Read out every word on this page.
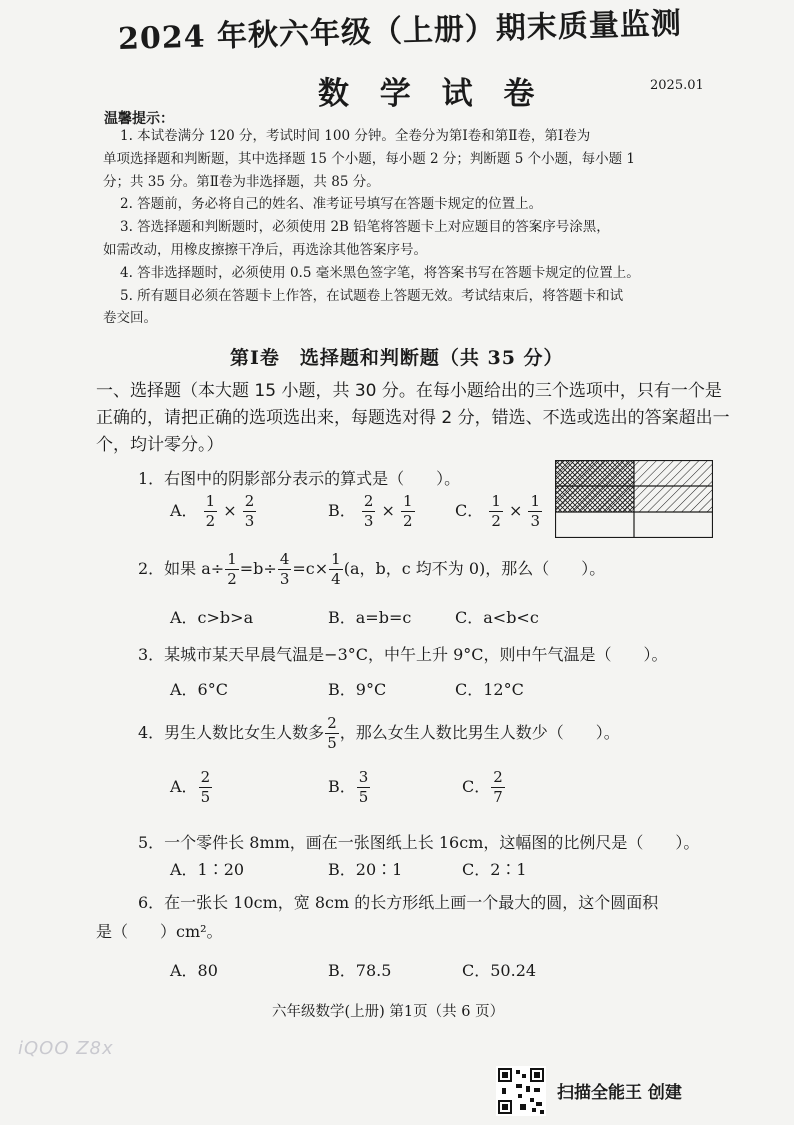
2024 年秋六年级（上册）期末质量监测
数 学 试 卷	2025.01
温馨提示：
1. 本试卷满分 120 分，考试时间 100 分钟。全卷分为第Ⅰ卷和第Ⅱ卷，第Ⅰ卷为
单项选择题和判断题，其中选择题 15 个小题，每小题 2 分；判断题 5 个小题，每小题 1
分；共 35 分。第Ⅱ卷为非选择题，共 85 分。
2. 答题前，务必将自己的姓名、准考证号填写在答题卡规定的位置上。
3. 答选择题和判断题时，必须使用 2B 铅笔将答题卡上对应题目的答案序号涂黑，
如需改动，用橡皮擦擦干净后，再选涂其他答案序号。
4. 答非选择题时，必须使用 0.5 毫米黑色签字笔，将答案书写在答题卡规定的位置上。
5. 所有题目必须在答题卡上作答，在试题卷上答题无效。考试结束后，将答题卡和试
卷交回。
第Ⅰ卷　选择题和判断题（共 35 分）
一、选择题（本大题 15 小题，共 30 分。在每小题给出的三个选项中，只有一个是正确的，请把正确的选项选出来，每题选对得 2 分，错选、不选或选出的答案超出一个，均计零分。）
1．右图中的阴影部分表示的算式是（　　）。
A． $\frac{1}{2} \times \frac{2}{3}$	B． $\frac{2}{3} \times \frac{1}{2}$	C． $\frac{1}{2} \times \frac{1}{3}$
2．如果 $a\div \frac{1}{2} =b\div \frac{4}{3} =c\times \frac{1}{4} (a$，b，c 均不为 0)，那么（　　）。
A．c>b>a	B．a=b=c	C．a<b<c
3．某城市某天早晨气温是−3°C，中午上升 9°C，则中午气温是（　　）。
A．6°C	B．9°C	C．12°C
4．男生人数比女生人数多 $\frac{2}{5}$ ，那么女生人数比男生人数少（　　）。
A． $\frac{2}{5}$	B． $\frac{3}{5}$	C． $\frac{2}{7}$
5．一个零件长 8mm，画在一张图纸上长 16cm，这幅图的比例尺是（　　）。
A．1∶20	B．20∶1	C．2∶1
6．在一张长 10cm，宽 8cm 的长方形纸上画一个最大的圆，这个圆面积
是（　　）cm²。
A．80	B．78.5	C．50.24
六年级数学(上册) 第1页（共 6 页）
iQOO Z8x
扫描全能王 创建
